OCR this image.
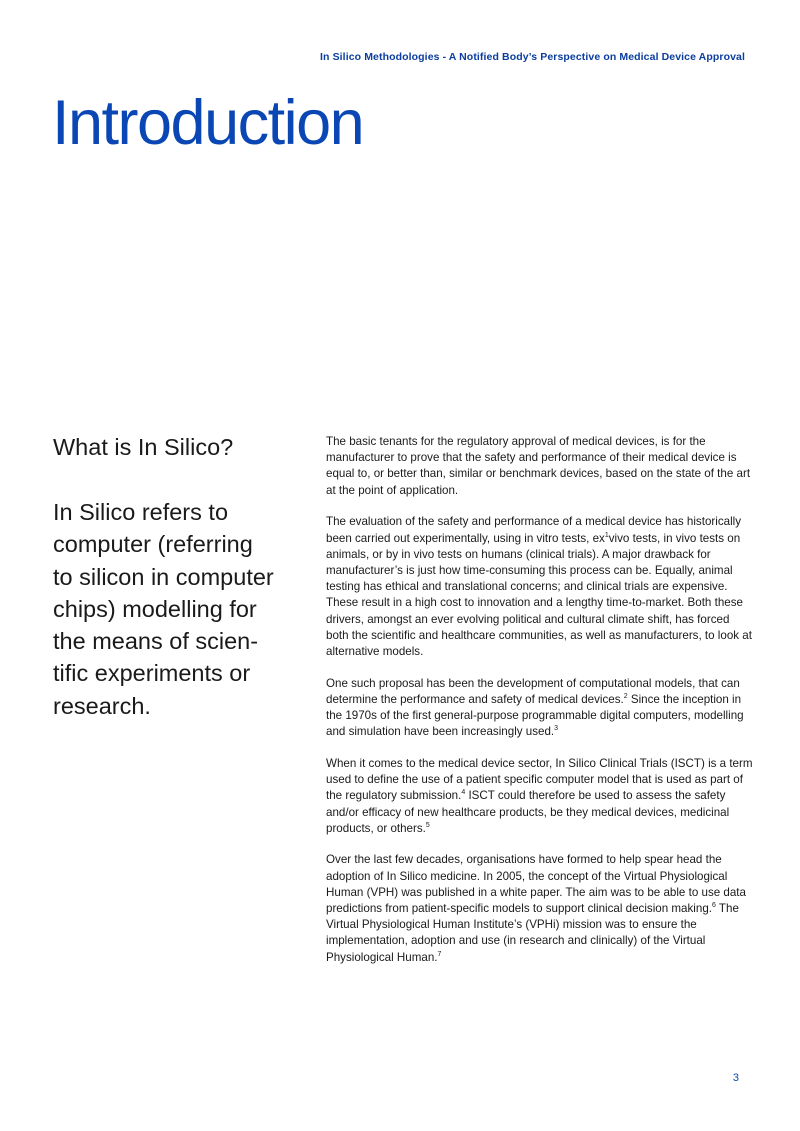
In Silico Methodologies - A Notified Body’s Perspective on Medical Device Approval
Introduction
What is In Silico?
In Silico refers to
computer (referring
to silicon in computer
chips) modelling for
the means of scien-
tific experiments or
research.

The basic tenants for the regulatory approval of medical devices, is for the manufacturer to prove that the safety and performance of their medical device is equal to, or better than, similar or benchmark devices, based on the state of the art at the point of application.

The evaluation of the safety and performance of a medical device has historically been carried out experimentally, using in vitro tests, $ex^1vivo$ tests, in vivo tests on animals, or by in vivo tests on humans (clinical trials). A major drawback for manufacturer’s is just how time-consuming this process can be. Equally, animal testing has ethical and translational concerns; and clinical trials are expensive. These result in a high cost to innovation and a lengthy time-to-market. Both these drivers, amongst an ever evolving political and cultural climate shift, has forced both the scientific and healthcare communities, as well as manufacturers, to look at alternative models.

One such proposal has been the development of computational models, that can determine the performance and safety of medical devices.$^2$ Since the inception in the 1970s of the first general-purpose programmable digital computers, modelling and simulation have been increasingly used.$^3$

When it comes to the medical device sector, In Silico Clinical Trials (ISCT) is a term used to define the use of a patient specific computer model that is used as part of the regulatory submission.$^4$ ISCT could therefore be used to assess the safety and/or efficacy of new healthcare products, be they medical devices, medicinal products, or others.$^5$

Over the last few decades, organisations have formed to help spear head the adoption of In Silico medicine. In 2005, the concept of the Virtual Physiological Human (VPH) was published in a white paper. The aim was to be able to use data predictions from patient-specific models to support clinical decision making.$^6$ The Virtual Physiological Human Institute’s (VPHi) mission was to ensure the implementation, adoption and use (in research and clinically) of the Virtual Physiological Human.$^7$

3
